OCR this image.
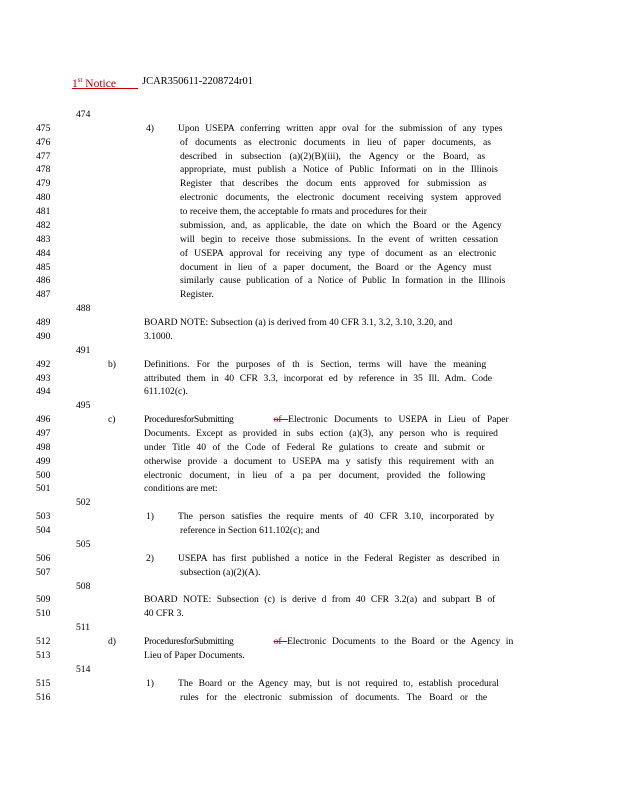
1st Notice	JCAR350611-2208724r01
474
475	4)	Upon USEPA conferring written appr oval for the submission of any types
476	of documents as electronic documents in lieu of paper documents, as
477	described in subsection (a)(2)(B)(iii), the Agency or the Board, as
478	appropriate, must publish a Notice of Public Informati on in the Illinois
479	Register that describes the docum ents approved for submission as
480	electronic documents, the electronic document receiving system approved
481	to receive them, the acceptable fo rmats and procedures for their
482	submission, and, as applicable, the date on which the Board or the Agency
483	will begin to receive those submissions. In the event of written cessation
484	of USEPA approval for receiving any type of document as an electronic
485	document in lieu of a paper document, the Board or the Agency must
486	similarly cause publication of a Notice of Public In formation in the Illinois
487	Register.
488
489	BOARD NOTE: Subsection (a) is derived from 40 CFR 3.1, 3.2, 3.10, 3.20, and
490	3.1000.
491
492	b)	Definitions. For the purposes of th is Section, terms will have the meaning
493	attributed them in 40 CFR 3.3, incorporat ed by reference in 35 Ill. Adm. Code
494	611.102(c).
495
496	c)	ProceduresforSubmitting	of Electronic Documents to USEPA in Lieu of Paper
497	Documents. Except as provided in subs ection (a)(3), any person who is required
498	under Title 40 of the Code of Federal Re gulations to create and submit or
499	otherwise provide a document to USEPA ma y satisfy this requirement with an
500	electronic document, in lieu of a pa per document, provided the following
501	conditions are met:
502
503	1)	The person satisfies the require ments of 40 CFR 3.10, incorporated by
504	reference in Section 611.102(c); and
505
506	2)	USEPA has first published a notice in the Federal Register as described in
507	subsection (a)(2)(A).
508
509	BOARD NOTE: Subsection (c) is derive d from 40 CFR 3.2(a) and subpart B of
510	40 CFR 3.
511
512	d)	ProceduresforSubmitting	of Electronic Documents to the Board or the Agency in
513	Lieu of Paper Documents.
514
515	1)	The Board or the Agency may, but is not required to, establish procedural
516	rules for the electronic submission of documents. The Board or the
